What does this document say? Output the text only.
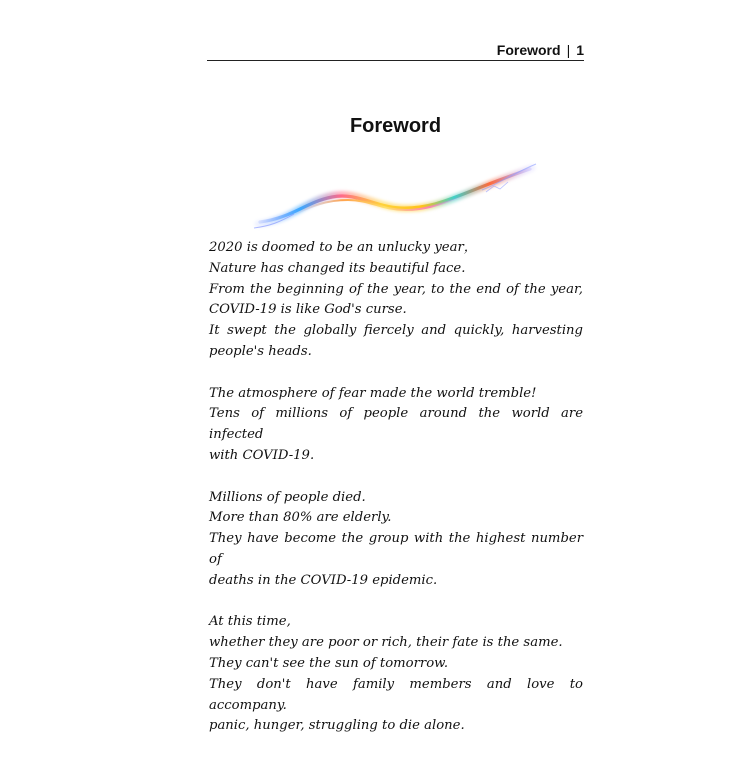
Foreword | 1
Foreword
2020 is doomed to be an unlucky year，
Nature has changed its beautiful face.
From the beginning of the year, to the end of the year,
COVID-19 is like God's curse.
It swept the globally fiercely and quickly, harvesting
people's heads.
The atmosphere of fear made the world tremble!
Tens of millions of people around the world are infected
with COVID-19.
Millions of people died.
More than 80% are elderly.
They have become the group with the highest number of
deaths in the COVID-19 epidemic.
At this time,
whether they are poor or rich, their fate is the same.
They can't see the sun of tomorrow.
They don't have family members and love to accompany.
panic, hunger, struggling to die alone.
